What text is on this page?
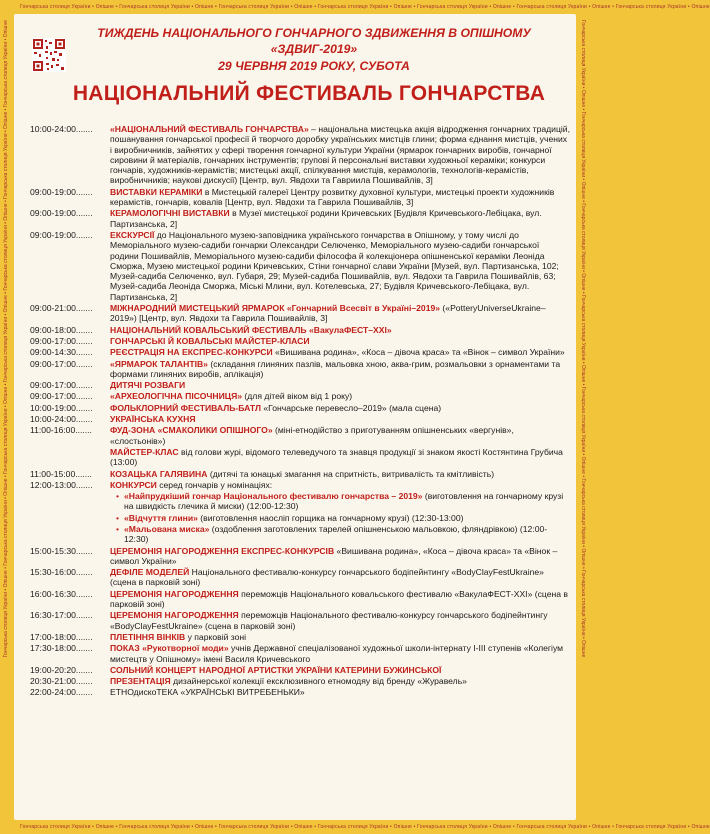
Гончарська столиця України • Опішне • Гончарська столиця України • Опішне • Гончарська столиця України • Опішне • Гончарська столиця України • Опішне • Гончарська столиця України • Опішне • Гончарська столиця України • Опішне • Гончарська столиця України • Опішне
Гончарська столиця України • Опішне • Гончарська столиця України • Опішне • Гончарська столиця України • Опішне • Гончарська столиця України • Опішне • Гончарська столиця України • Опішне • Гончарська столиця України • Опішне • Гончарська столиця України • Опішне
Гончарська столиця України • Опішне • Гончарська столиця України • Опішне • Гончарська столиця України • Опішне • Гончарська столиця України • Опішне • Гончарська столиця України • Опішне • Гончарська столиця України • Опішне • Гончарська столиця України • Опішне	Гончарська столиця України • Опішне • Гончарська столиця України • Опішне • Гончарська столиця України • Опішне • Гончарська столиця України • Опішне • Гончарська столиця України • Опішне • Гончарська столиця України • Опішне • Гончарська столиця України • Опішне
ТИЖДЕНЬ НАЦІОНАЛЬНОГО ГОНЧАРНОГО ЗДВИЖЕННЯ В ОПІШНОМУ
«ЗДВИГ-2019»
29 ЧЕРВНЯ 2019 РОКУ, СУБОТА
НАЦІОНАЛЬНИЙ ФЕСТИВАЛЬ ГОНЧАРСТВА
10:00-24:00.......	«НАЦІОНАЛЬНИЙ ФЕСТИВАЛЬ ГОНЧАРСТВА» – національна мистецька акція відродження гончарних традицій, пошанування гончарської професії й творчого доробку українських мистців глини; форма єднання мистців, учених і виробничників, зайнятих у сфері творення гончарної культури України (ярмарок гончарних виробів, гончарної сировини й матеріалів, гончарних інструментів; групові й персональні виставки художньої кераміки; конкурси гончарів, художників-керамістів; мистецькі акції, спілкування мистців, керамологів, технологів-керамістів, виробничників; наукові дискусії) [Центр, вул. Явдохи та Гавриила Пошивайлів, 3]
09:00-19:00.......	ВИСТАВКИ КЕРАМІКИ в Мистецькій галереї Центру розвитку духовної культури, мистецькі проекти художників керамістів, гончарів, ковалів [Центр, вул. Явдохи та Гаврила Пошивайлів, 3]
09:00-19:00.......	КЕРАМОЛОГІЧНІ ВИСТАВКИ в Музеї мистецької родини Кричевських [Будівля Кричевського-Лебіцака, вул. Партизанська, 2]
09:00-19:00.......	ЕКСКУРСІЇ до Національного музею-заповідника українського гончарства в Опішному, у тому числі до Меморіального музею-садиби гончарки Олександри Селюченко, Меморіального музею-садиби гончарської родини Пошивайлів, Меморіального музею-садиби філософа й колекціонера опішненської кераміки Леоніда Сморжа, Музею мистецької родини Кричевських, Стіни гончарної слави України [Музей, вул. Партизанська, 102; Музей-садиба Селюченко, вул. Губаря, 29; Музей-садиба Пошивайлів, вул. Явдохи та Гаврила Пошивайлів, 63; Музей-садиба Леоніда Сморжа, Міські Млини, вул. Котелевська, 27; Будівля Кричевського-Лебіцака, вул. Партизанська, 2]
09:00-21:00.......	МІЖНАРОДНИЙ МИСТЕЦЬКИЙ ЯРМАРОК «Гончарний Всесвіт в Україні–2019» («PotteryUniverseUkraine–2019») [Центр, вул. Явдохи та Гаврила Пошивайлів, 3]
09:00-18:00.......	НАЦІОНАЛЬНИЙ КОВАЛЬСЬКИЙ ФЕСТИВАЛЬ «ВакулаФЕСТ–XXI»
09:00-17:00.......	ГОНЧАРСЬКІ Й КОВАЛЬСЬКІ МАЙСТЕР-КЛАСИ
09:00-14:30.......	РЕЄСТРАЦІЯ НА ЕКСПРЕС-КОНКУРСИ «Вишивана родина», «Коса – дівоча краса» та «Вінок – символ України»
09:00-17:00.......	«ЯРМАРОК ТАЛАНТІВ» (складання глиняних пазлів, мальовка хною, аква-грим, розмальовки з орнаментами та формами глиняних виробів, аплікація)
09:00-17:00.......	ДИТЯЧІ РОЗВАГИ
09:00-17:00.......	«АРХЕОЛОГІЧНА ПІСОЧНИЦЯ» (для дітей віком від 1 року)
10:00-19:00.......	ФОЛЬКЛОРНИЙ ФЕСТИВАЛЬ-БАТЛ «Гончарське перевесло–2019» (мала сцена)
10:00-24:00.......	УКРАЇНСЬКА КУХНЯ
11:00-16:00.......	ФУД-ЗОНА «СМАКОЛИКИ ОПІШНОГО» (міні-етнодійство з приготуванням опішненських «вергунів», «слостьонів»)
МАЙСТЕР-КЛАС від голови журі, відомого телеведучого та знавця продукції зі знаком якості Костянтина Грубича (13:00)
11:00-15:00.......	КОЗАЦЬКА ГАЛЯВИНА (дитячі та юнацькі змагання на спритність, витривалість та кмітливість)
12:00-13:00.......	КОНКУРСИ серед гончарів у номінаціях:
• «Найпрудкіший гончар Національного фестивалю гончарства – 2019» (виготовлення на гончарному крузі на швидкість глечика й миски) (12:00-12:30)
• «Відчуття глини» (виготовлення наосліп горщика на гончарному крузі) (12:30-13:00)
• «Мальована миска» (оздоблення заготовлених тарелей опішненською мальовкою, фляндрівкою) (12:00-12:30)
15:00-15:30.......	ЦЕРЕМОНІЯ НАГОРОДЖЕННЯ ЕКСПРЕС-КОНКУРСІВ «Вишивана родина», «Коса – дівоча краса» та «Вінок – символ України»
15:30-16:00.......	ДЕФІЛЕ МОДЕЛЕЙ Національного фестивалю-конкурсу гончарського бодіпейнтингу «BodyClayFestUkraine» (сцена в парковій зоні)
16:00-16:30.......	ЦЕРЕМОНІЯ НАГОРОДЖЕННЯ переможців Національного ковальського фестивалю «ВакулаФЕСТ-XXI» (сцена в парковій зоні)
16:30-17:00.......	ЦЕРЕМОНІЯ НАГОРОДЖЕННЯ переможців Національного фестивалю-конкурсу гончарського бодіпейнтингу «BodyClayFestUkraine» (сцена в парковій зоні)
17:00-18:00.......	ПЛЕТІННЯ ВІНКІВ у парковій зоні
17:30-18:00.......	ПОКАЗ «Рукотворної моди» учнів Державної спеціалізованої художньої школи-інтернату I-III ступенів «Колегіум мистецтв у Опішному» імені Василя Кричевського
19:00-20:20.......	СОЛЬНИЙ КОНЦЕРТ НАРОДНОЇ АРТИСТКИ УКРАЇНИ КАТЕРИНИ БУЖИНСЬКОЇ
20:30-21:00.......	ПРЕЗЕНТАЦІЯ дизайнерської колекції ексклюзивного етномодяу від бренду «Журавель»
22:00-24:00.......	ЕТНОдискоТЕКА «УКРАЇНСЬКІ ВИТРЕБЕНЬКИ»
